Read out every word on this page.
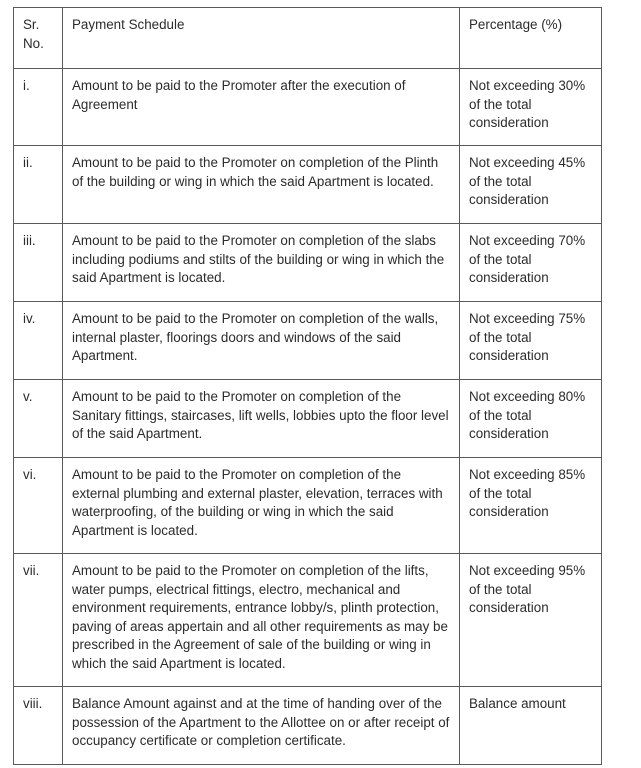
Sr. No.	Payment Schedule	Percentage (%)
i.	Amount to be paid to the Promoter after the execution of Agreement	Not exceeding 30% of the total consideration
ii.	Amount to be paid to the Promoter on completion of the Plinth of the building or wing in which the said Apartment is located.	Not exceeding 45% of the total consideration
iii.	Amount to be paid to the Promoter on completion of the slabs including podiums and stilts of the building or wing in which the said Apartment is located.	Not exceeding 70% of the total consideration
iv.	Amount to be paid to the Promoter on completion of the walls, internal plaster, floorings doors and windows of the said Apartment.	Not exceeding 75% of the total consideration
v.	Amount to be paid to the Promoter on completion of the Sanitary fittings, staircases, lift wells, lobbies upto the floor level of the said Apartment.	Not exceeding 80% of the total consideration
vi.	Amount to be paid to the Promoter on completion of the external plumbing and external plaster, elevation, terraces with waterproofing, of the building or wing in which the said Apartment is located.	Not exceeding 85% of the total consideration
vii.	Amount to be paid to the Promoter on completion of the lifts, water pumps, electrical fittings, electro, mechanical and environment requirements, entrance lobby/s, plinth protection, paving of areas appertain and all other requirements as may be prescribed in the Agreement of sale of the building or wing in which the said Apartment is located.	Not exceeding 95% of the total consideration
viii.	Balance Amount against and at the time of handing over of the possession of the Apartment to the Allottee on or after receipt of occupancy certificate or completion certificate.	Balance amount
